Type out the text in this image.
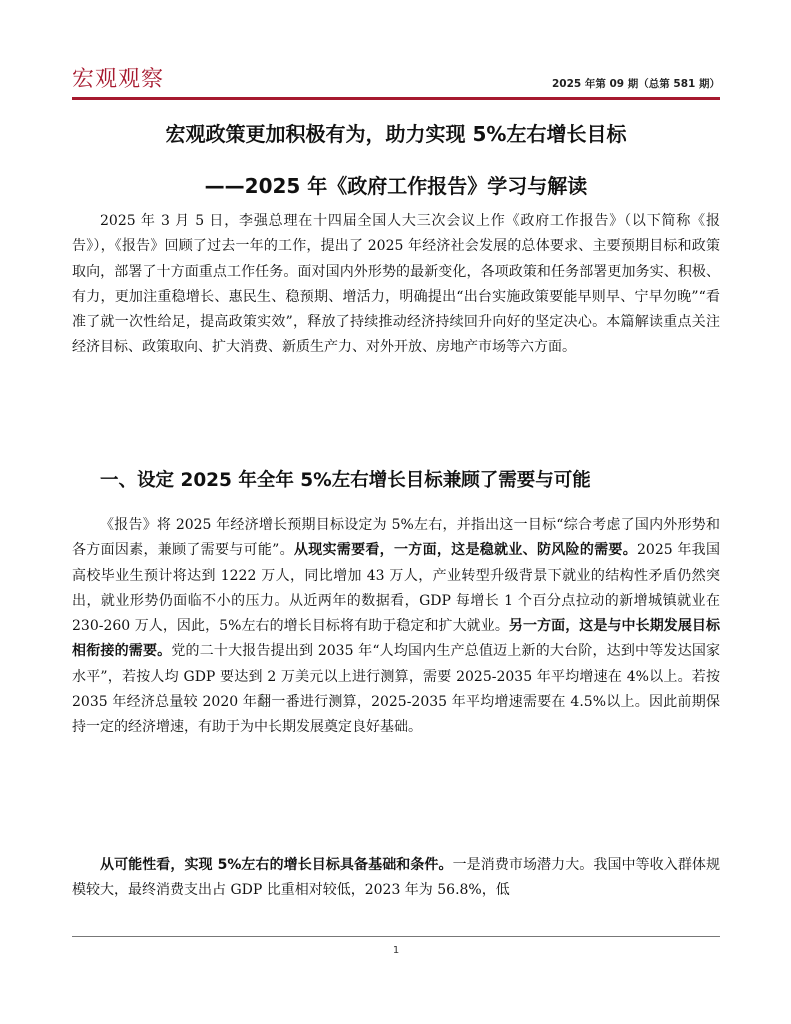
宏观观察	2025 年第 09 期（总第 581 期）
宏观政策更加积极有为，助力实现 5%左右增长目标
——2025 年《政府工作报告》学习与解读

2025 年 3 月 5 日，李强总理在十四届全国人大三次会议上作《政府工作报告》（以下简称《报告》），《报告》回顾了过去一年的工作，提出了 2025 年经济社会发展的总体要求、主要预期目标和政策取向，部署了十方面重点工作任务。面对国内外形势的最新变化，各项政策和任务部署更加务实、积极、有力，更加注重稳增长、惠民生、稳预期、增活力，明确提出“出台实施政策要能早则早、宁早勿晚”“看准了就一次性给足，提高政策实效”，释放了持续推动经济持续回升向好的坚定决心。本篇解读重点关注经济目标、政策取向、扩大消费、新质生产力、对外开放、房地产市场等六方面。

一、设定 2025 年全年 5%左右增长目标兼顾了需要与可能

《报告》将 2025 年经济增长预期目标设定为 5%左右，并指出这一目标“综合考虑了国内外形势和各方面因素，兼顾了需要与可能”。从现实需要看，一方面，这是稳就业、防风险的需要。2025 年我国高校毕业生预计将达到 1222 万人，同比增加 43 万人，产业转型升级背景下就业的结构性矛盾仍然突出，就业形势仍面临不小的压力。从近两年的数据看，GDP 每增长 1 个百分点拉动的新增城镇就业在 230-260 万人，因此，5%左右的增长目标将有助于稳定和扩大就业。另一方面，这是与中长期发展目标相衔接的需要。党的二十大报告提出到 2035 年“人均国内生产总值迈上新的大台阶，达到中等发达国家水平”，若按人均 GDP 要达到 2 万美元以上进行测算，需要 2025-2035 年平均增速在 4%以上。若按 2035 年经济总量较 2020 年翻一番进行测算，2025-2035 年平均增速需要在 4.5%以上。因此前期保持一定的经济增速，有助于为中长期发展奠定良好基础。

从可能性看，实现 5%左右的增长目标具备基础和条件。一是消费市场潜力大。我国中等收入群体规模较大，最终消费支出占 GDP 比重相对较低，2023 年为 56.8%，低

1
